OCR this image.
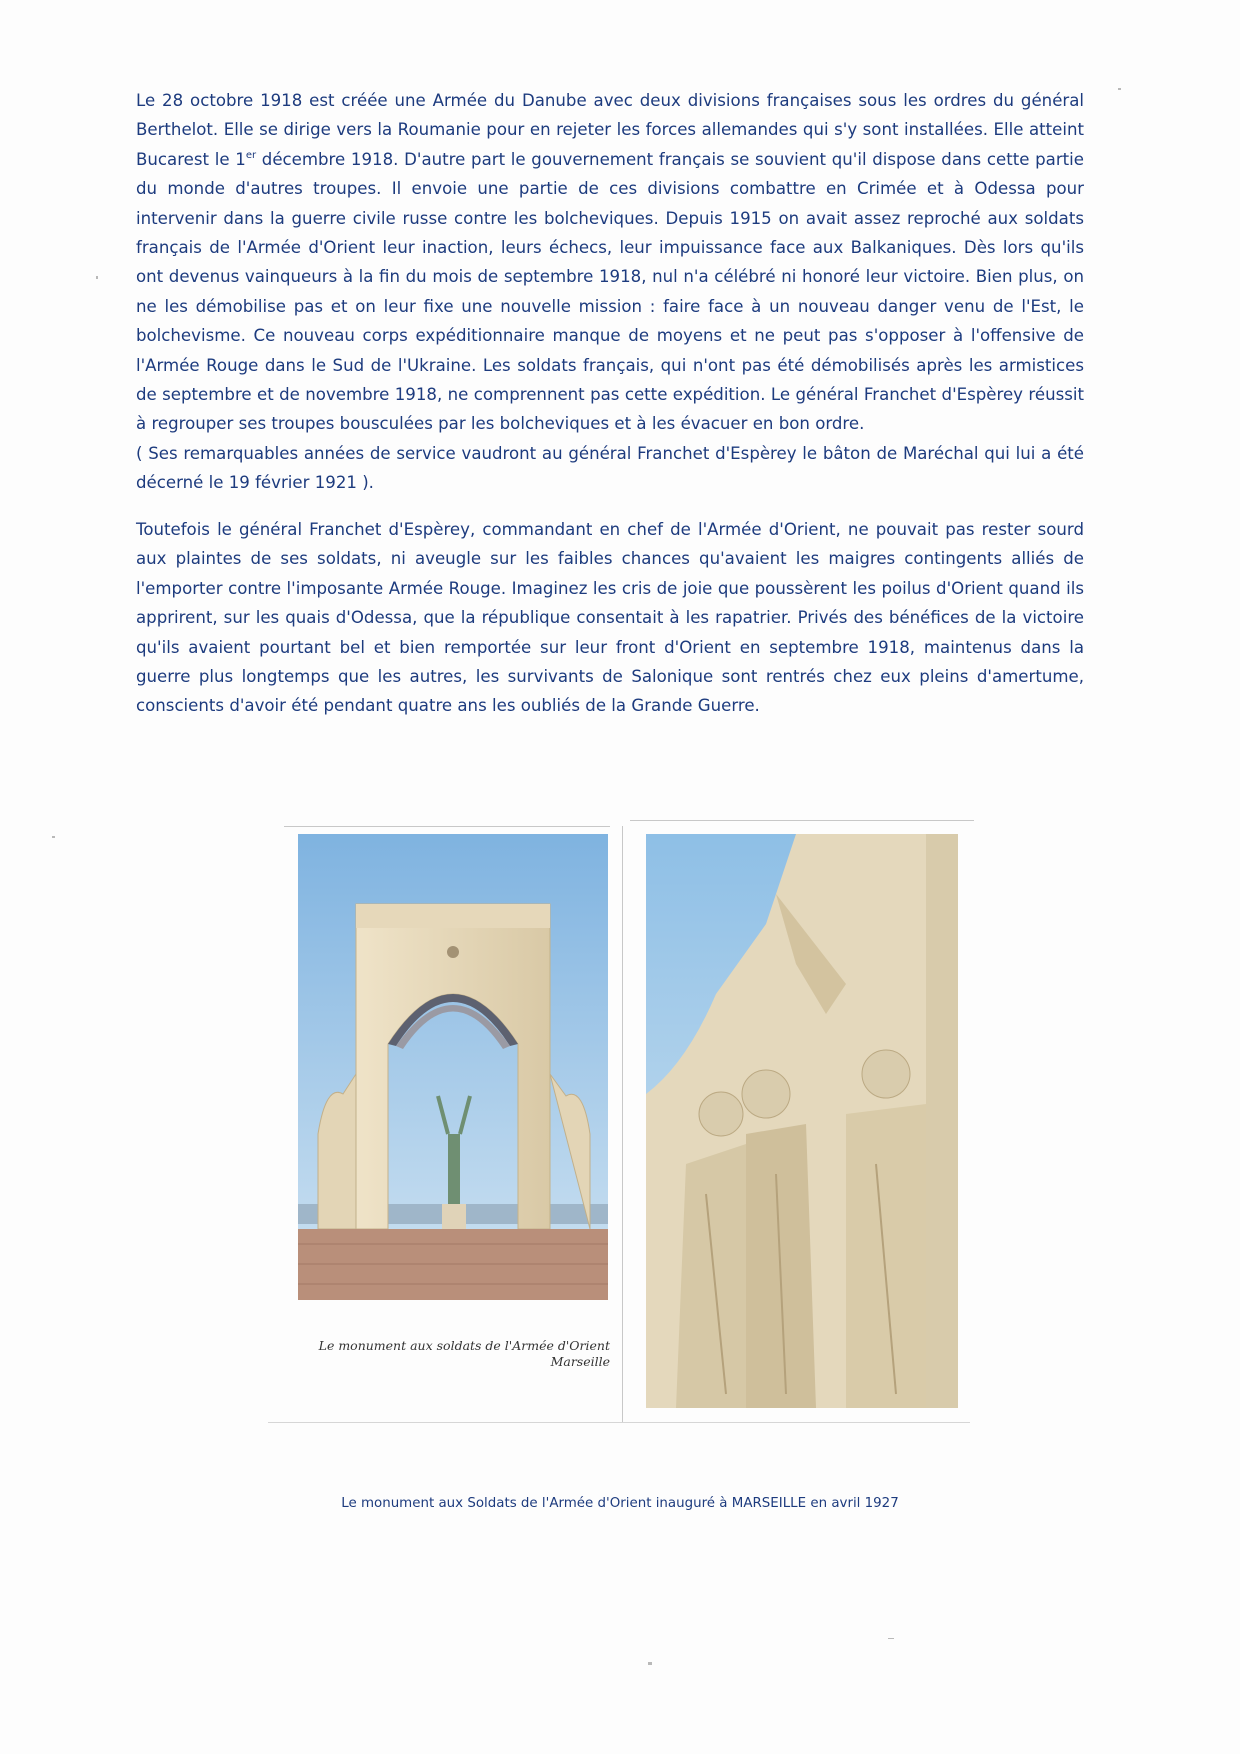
Le 28 octobre 1918 est créée une Armée du Danube avec deux divisions françaises sous les ordres du général Berthelot. Elle se dirige vers la Roumanie pour en rejeter les forces allemandes qui s'y sont installées. Elle atteint Bucarest le 1er décembre 1918. D'autre part le gouvernement français se souvient qu'il dispose dans cette partie du monde d'autres troupes. Il envoie une partie de ces divisions combattre en Crimée et à Odessa pour intervenir dans la guerre civile russe contre les bolcheviques. Depuis 1915 on avait assez reproché aux soldats français de l'Armée d'Orient leur inaction, leurs échecs, leur impuissance face aux Balkaniques. Dès lors qu'ils ont devenus vainqueurs à la fin du mois de septembre 1918, nul n'a célébré ni honoré leur victoire. Bien plus, on ne les démobilise pas et on leur fixe une nouvelle mission : faire face à un nouveau danger venu de l'Est, le bolchevisme. Ce nouveau corps expéditionnaire manque de moyens et ne peut pas s'opposer à l'offensive de l'Armée Rouge dans le Sud de l'Ukraine. Les soldats français, qui n'ont pas été démobilisés après les armistices de septembre et de novembre 1918, ne comprennent pas cette expédition. Le général Franchet d'Espèrey réussit à regrouper ses troupes bousculées par les bolcheviques et à les évacuer en bon ordre.
( Ses remarquables années de service vaudront au général Franchet d'Espèrey le bâton de Maréchal qui lui a été décerné le 19 février 1921 ).

Toutefois le général Franchet d'Espèrey, commandant en chef de l'Armée d'Orient, ne pouvait pas rester sourd aux plaintes de ses soldats, ni aveugle sur les faibles chances qu'avaient les maigres contingents alliés de l'emporter contre l'imposante Armée Rouge. Imaginez les cris de joie que poussèrent les poilus d'Orient quand ils apprirent, sur les quais d'Odessa, que la république consentait à les rapatrier. Privés des bénéfices de la victoire qu'ils avaient pourtant bel et bien remportée sur leur front d'Orient en septembre 1918, maintenus dans la guerre plus longtemps que les autres, les survivants de Salonique sont rentrés chez eux pleins d'amertume, conscients d'avoir été pendant quatre ans les oubliés de la Grande Guerre.

Le monument aux soldats de l'Armée d'Orient
Marseille
Le monument aux Soldats de l'Armée d'Orient inauguré à MARSEILLE en avril 1927
